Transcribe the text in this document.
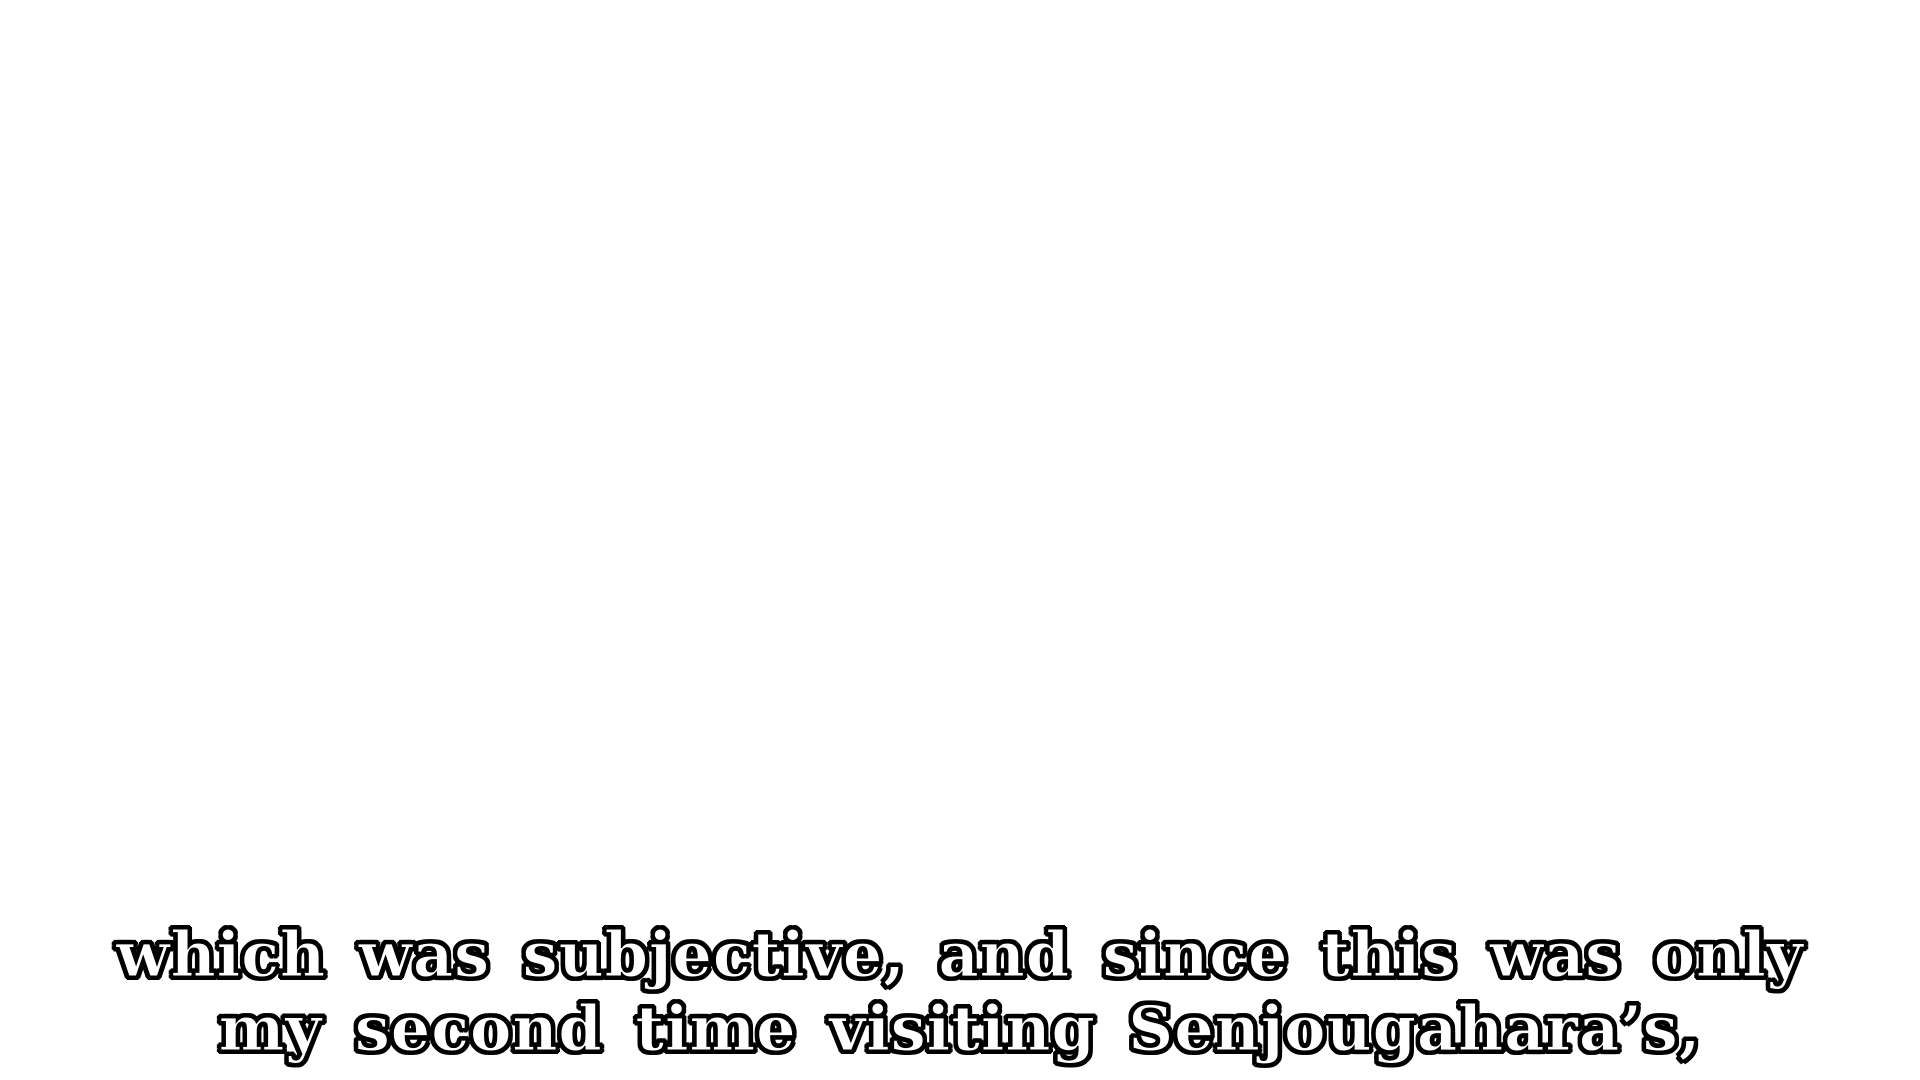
which was subjective, and since this was only
my second time visiting Senjougahara’s,
